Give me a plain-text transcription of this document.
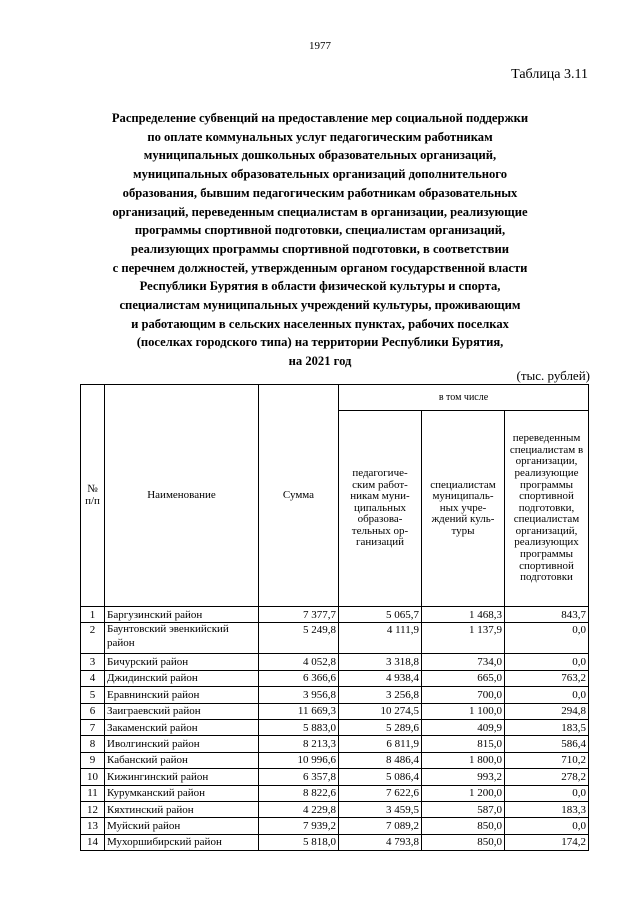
1977
Таблица 3.11
Распределение субвенций на предоставление мер социальной поддержки
по оплате коммунальных услуг педагогическим работникам
муниципальных дошкольных образовательных организаций,
муниципальных образовательных организаций дополнительного
образования, бывшим педагогическим работникам образовательных
организаций, переведенным специалистам в организации, реализующие
программы спортивной подготовки, специалистам организаций,
реализующих программы спортивной подготовки, в соответствии
с перечнем должностей, утвержденным органом государственной власти
Республики Бурятия в области физической культуры и спорта,
специалистам муниципальных учреждений культуры, проживающим
и работающим в сельских населенных пунктах, рабочих поселках
(поселках городского типа) на территории Республики Бурятия,
на 2021 год
(тыс. рублей)
№ п/п	Наименование	Сумма	в том числе		
			педагогиче-ским работ-никам муни-ципальных образова-тельных ор-ганизаций	специалистам муниципаль-ных учре-ждений куль-туры	переведенным специалистам в организации, реализующие программы спортивной подготовки, специалистам организаций, реализующих программы спортивной подготовки
1	Баргузинский район	7 377,7	5 065,7	1 468,3	843,7
2	Баунтовский эвенкийский район	5 249,8	4 111,9	1 137,9	0,0
3	Бичурский район	4 052,8	3 318,8	734,0	0,0
4	Джидинский район	6 366,6	4 938,4	665,0	763,2
5	Еравнинский район	3 956,8	3 256,8	700,0	0,0
6	Заиграевский район	11 669,3	10 274,5	1 100,0	294,8
7	Закаменский район	5 883,0	5 289,6	409,9	183,5
8	Иволгинский район	8 213,3	6 811,9	815,0	586,4
9	Кабанский район	10 996,6	8 486,4	1 800,0	710,2
10	Кижингинский район	6 357,8	5 086,4	993,2	278,2
11	Курумканский район	8 822,6	7 622,6	1 200,0	0,0
12	Кяхтинский район	4 229,8	3 459,5	587,0	183,3
13	Муйский район	7 939,2	7 089,2	850,0	0,0
14	Мухоршибирский район	5 818,0	4 793,8	850,0	174,2
